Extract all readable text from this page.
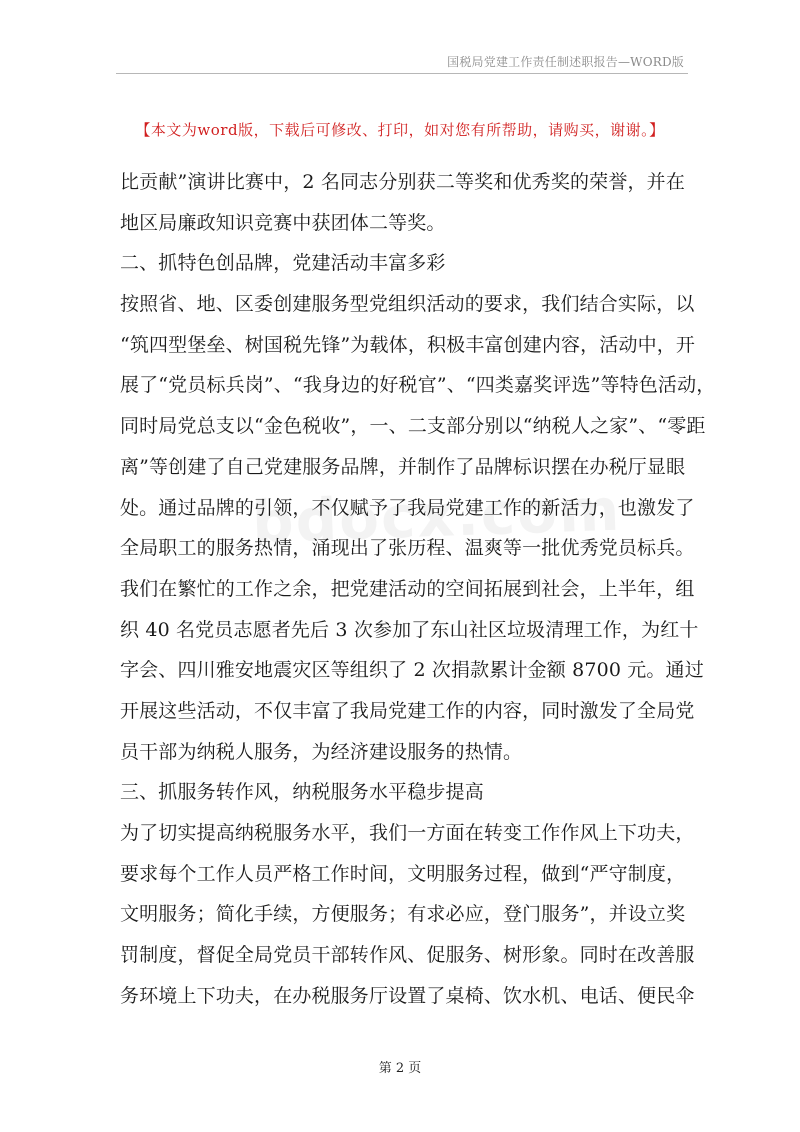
国税局党建工作责任制述职报告—WORD版
【本文为word版，下载后可修改、打印，如对您有所帮助，请购买，谢谢。】
比贡献”演讲比赛中，2 名同志分别获二等奖和优秀奖的荣誉，并在
地区局廉政知识竞赛中获团体二等奖。
二、抓特色创品牌，党建活动丰富多彩
按照省、地、区委创建服务型党组织活动的要求，我们结合实际，以
“筑四型堡垒、树国税先锋”为载体，积极丰富创建内容，活动中，开
展了“党员标兵岗”、“我身边的好税官”、“四类嘉奖评选”等特色活动，
同时局党总支以“金色税收”，一、二支部分别以“纳税人之家”、“零距
离”等创建了自己党建服务品牌，并制作了品牌标识摆在办税厅显眼
处。通过品牌的引领，不仅赋予了我局党建工作的新活力，也激发了
全局职工的服务热情，涌现出了张历程、温爽等一批优秀党员标兵。
我们在繁忙的工作之余，把党建活动的空间拓展到社会，上半年，组
织 40 名党员志愿者先后 3 次参加了东山社区垃圾清理工作，为红十
字会、四川雅安地震灾区等组织了 2 次捐款累计金额 8700 元。通过
开展这些活动，不仅丰富了我局党建工作的内容，同时激发了全局党
员干部为纳税人服务，为经济建设服务的热情。
三、抓服务转作风，纳税服务水平稳步提高
为了切实提高纳税服务水平，我们一方面在转变工作作风上下功夫，
要求每个工作人员严格工作时间，文明服务过程，做到“严守制度，
文明服务；简化手续，方便服务；有求必应，登门服务”，并设立奖
罚制度，督促全局党员干部转作风、促服务、树形象。同时在改善服
务环境上下功夫，在办税服务厅设置了桌椅、饮水机、电话、便民伞
第 2 页
